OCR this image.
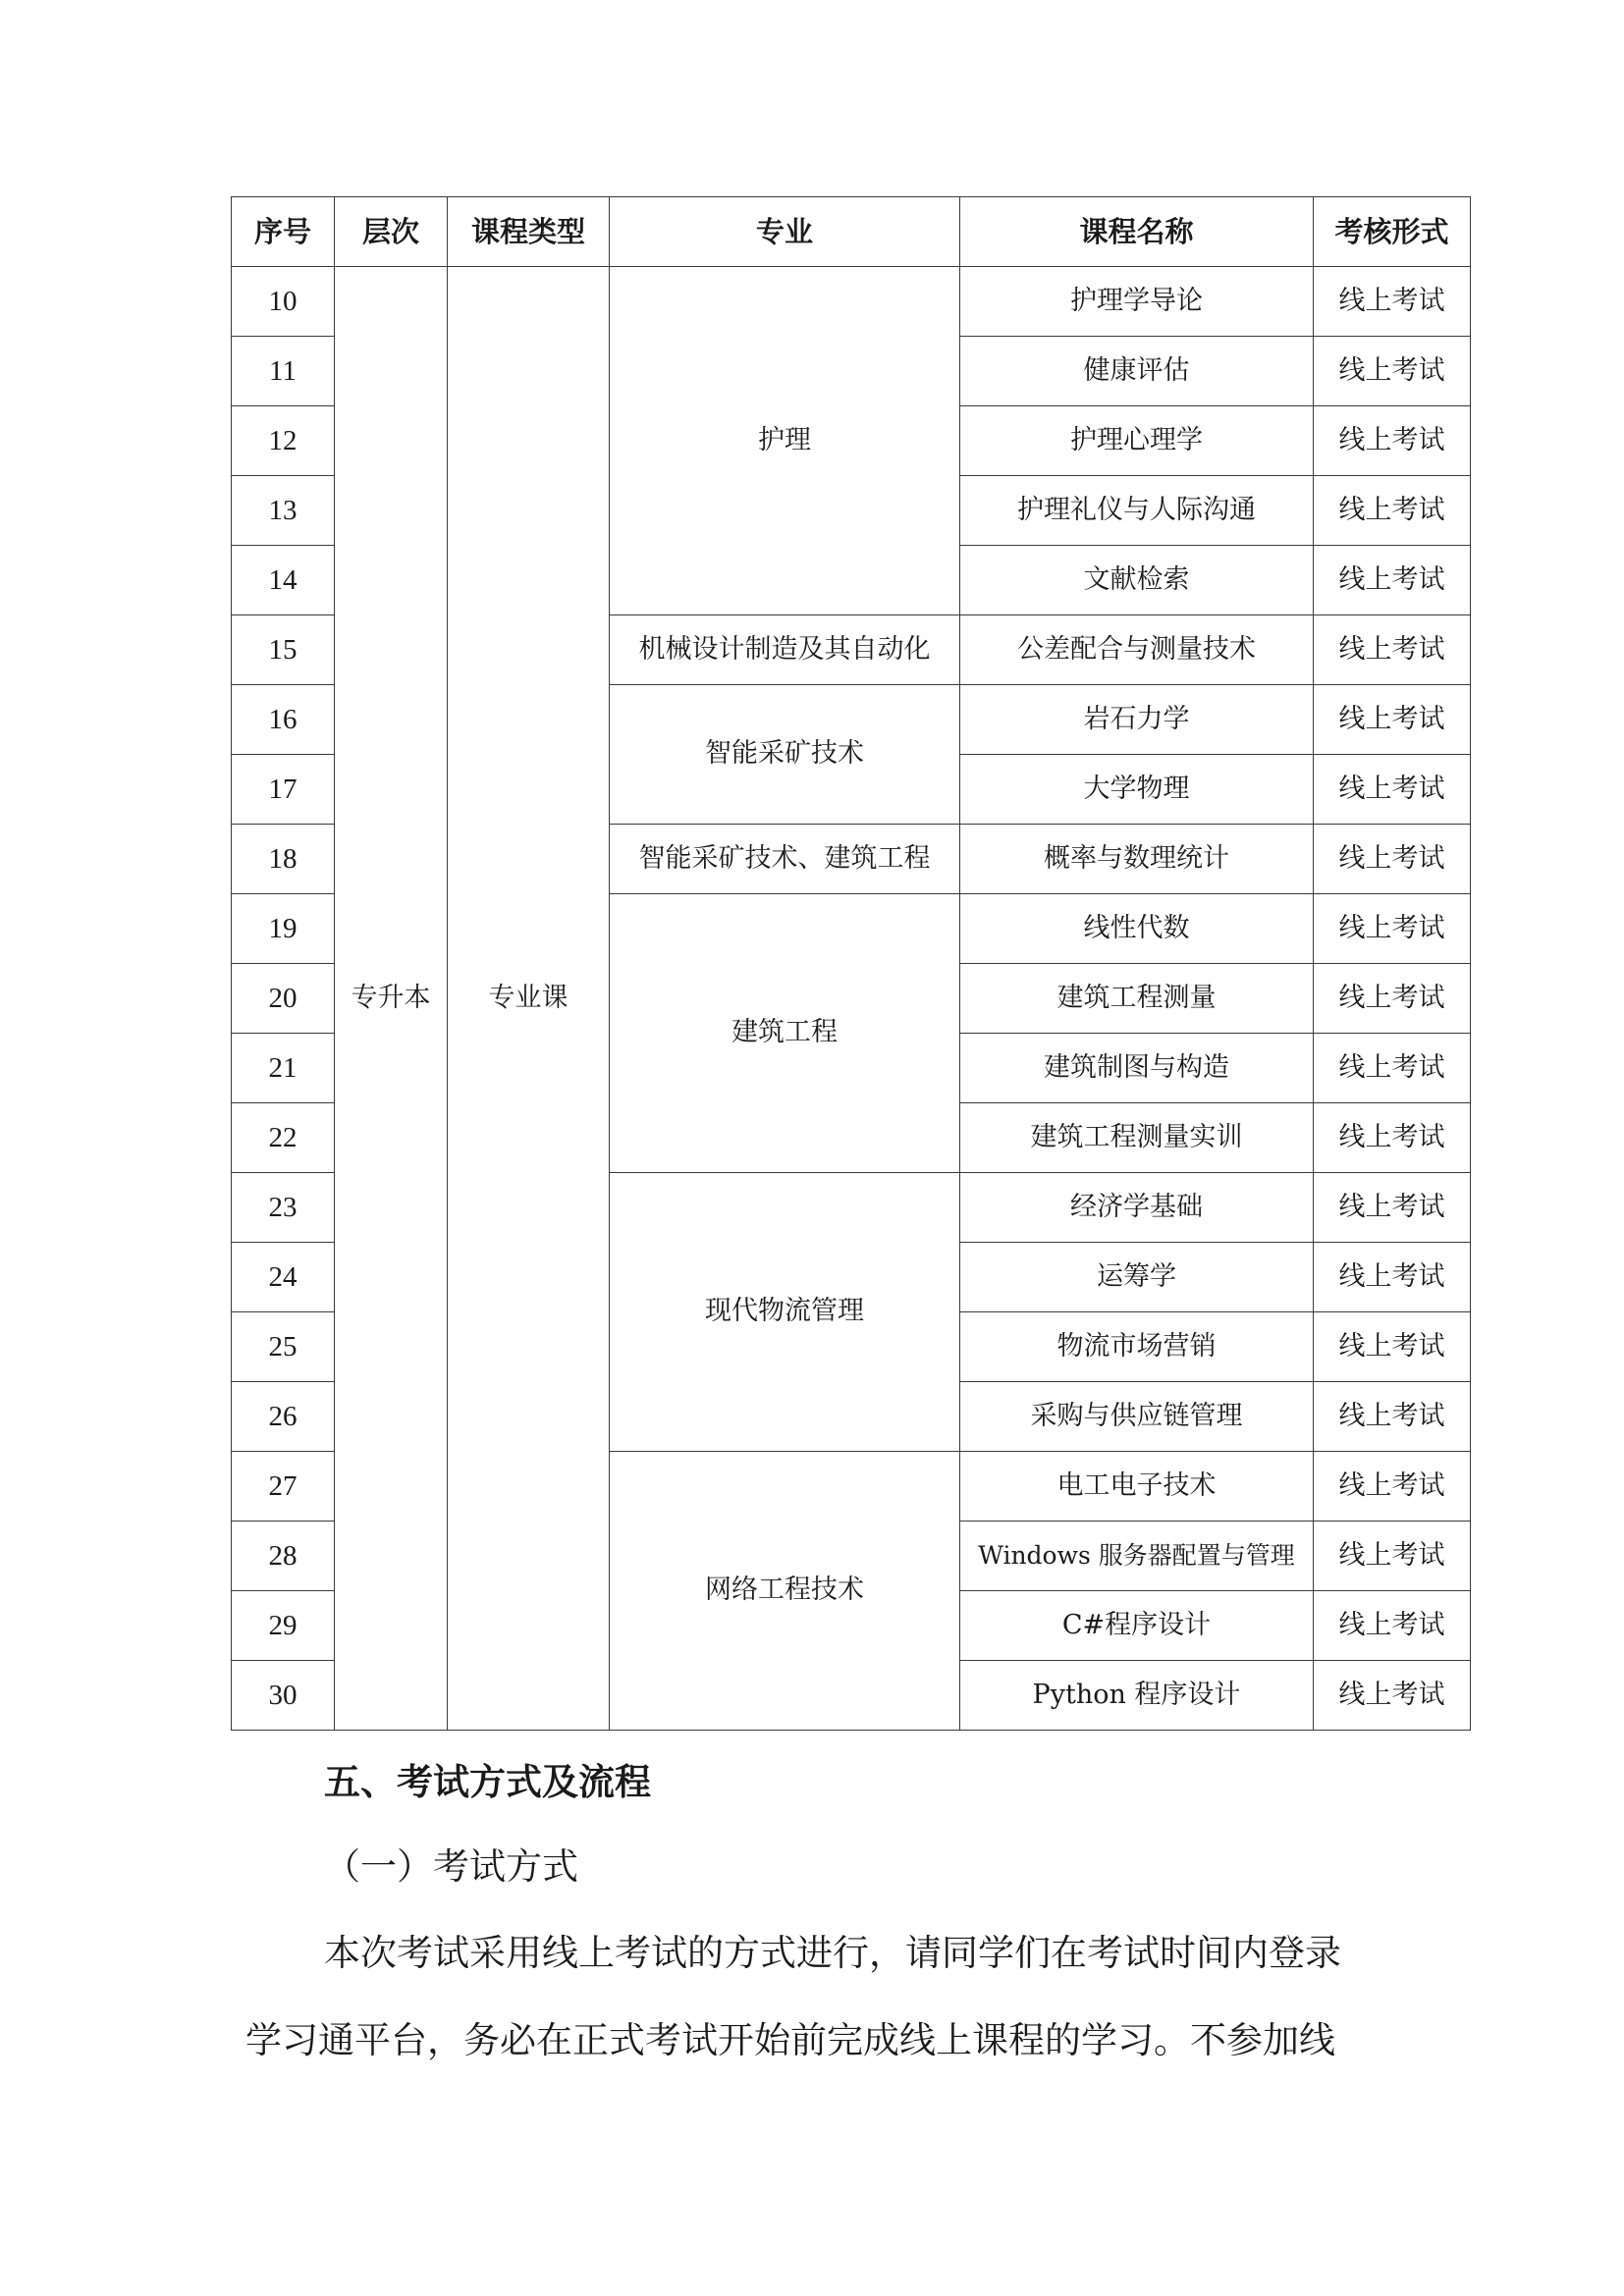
序号	层次	课程类型	专业	课程名称	考核形式
10	专升本	专业课	护理	护理学导论	线上考试
11				健康评估	线上考试
12				护理心理学	线上考试
13				护理礼仪与人际沟通	线上考试
14				文献检索	线上考试
15			机械设计制造及其自动化	公差配合与测量技术	线上考试
16			智能采矿技术	岩石力学	线上考试
17				大学物理	线上考试
18			智能采矿技术、建筑工程	概率与数理统计	线上考试
19			建筑工程	线性代数	线上考试
20				建筑工程测量	线上考试
21				建筑制图与构造	线上考试
22				建筑工程测量实训	线上考试
23			现代物流管理	经济学基础	线上考试
24				运筹学	线上考试
25				物流市场营销	线上考试
26				采购与供应链管理	线上考试
27			网络工程技术	电工电子技术	线上考试
28				Windows 服务器配置与管理	线上考试
29				C#程序设计	线上考试
30				Python 程序设计	线上考试
五、考试方式及流程
（一）考试方式

本次考试采用线上考试的方式进行，请同学们在考试时间内登录

学习通平台，务必在正式考试开始前完成线上课程的学习。不参加线
